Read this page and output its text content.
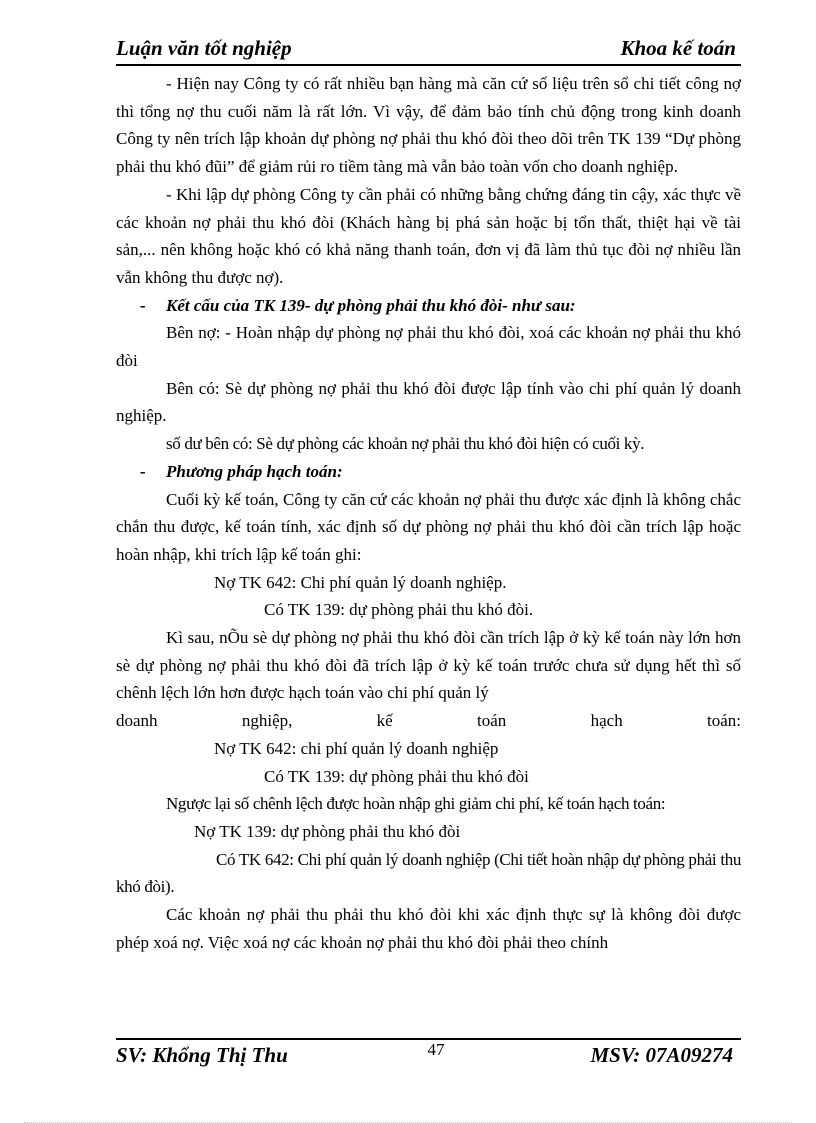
Luận văn tốt nghiệp	Khoa kế toán

- Hiện nay Công ty có rất nhiều bạn hàng mà căn cứ số liệu trên sổ chi tiết công nợ thì tổng nợ thu cuối năm là rất lớn. Vì vậy, để đảm bảo tính chủ động trong kinh doanh Công ty nên trích lập khoản dự phòng nợ phải thu khó đòi theo dõi trên TK 139 “Dự phòng phải thu khó đũi” để giảm rủi ro tiềm tàng mà vẫn bảo toàn vốn cho doanh nghiệp.

- Khi lập dự phòng Công ty cần phải có những bằng chứng đáng tin cậy, xác thực về các khoản nợ phải thu khó đòi (Khách hàng bị phá sản hoặc bị tổn thất, thiệt hại về tài sản,... nên không hoặc khó có khả năng thanh toán, đơn vị đã làm thủ tục đòi nợ nhiều lần vẫn không thu được nợ).

- Kết cấu của TK 139- dự phòng phải thu khó đòi- như sau:

Bên nợ: - Hoàn nhập dự phòng nợ phải thu khó đòi, xoá các khoản nợ phải thu khó đòi

Bên có: Sè dự phòng nợ phải thu khó đòi được lập tính vào chi phí quản lý doanh nghiệp.

số dư bên có: Sè dự phòng các khoản nợ phải thu khó đòi hiện có cuối kỳ.

- Phương pháp hạch toán:

Cuối kỳ kế toán, Công ty căn cứ các khoản nợ phải thu được xác định là không chắc chắn thu được, kế toán tính, xác định số dự phòng nợ phải thu khó đòi cần trích lập hoặc hoàn nhập, khi trích lập kế toán ghi:

Nợ TK 642: Chi phí quản lý doanh nghiệp.

Có TK 139: dự phòng phải thu khó đòi.

Kì sau, nÕu sè dự phòng nợ phải thu khó đòi cần trích lập ở kỳ kế toán này lớn hơn sè dự phòng nợ phải thu khó đòi đã trích lập ở kỳ kế toán trước chưa sử dụng hết thì số chênh lệch lớn hơn được hạch toán vào chi phí quản lý

doanh nghiệp, kế toán hạch toán:

Nợ TK 642: chi phí quản lý doanh nghiệp

Có TK 139: dự phòng phải thu khó đòi

Ngược lại số chênh lệch được hoàn nhập ghi giảm chi phí, kế toán hạch toán:

Nợ TK 139: dự phòng phải thu khó đòi

Có TK 642: Chi phí quản lý doanh nghiệp (Chi tiết hoàn nhập dự phòng phải thu khó đòi).

Các khoản nợ phải thu phải thu khó đòi khi xác định thực sự là không đòi được phép xoá nợ. Việc xoá nợ các khoản nợ phải thu khó đòi phải theo chính

SV: Khổng Thị Thu	47	MSV: 07A09274
